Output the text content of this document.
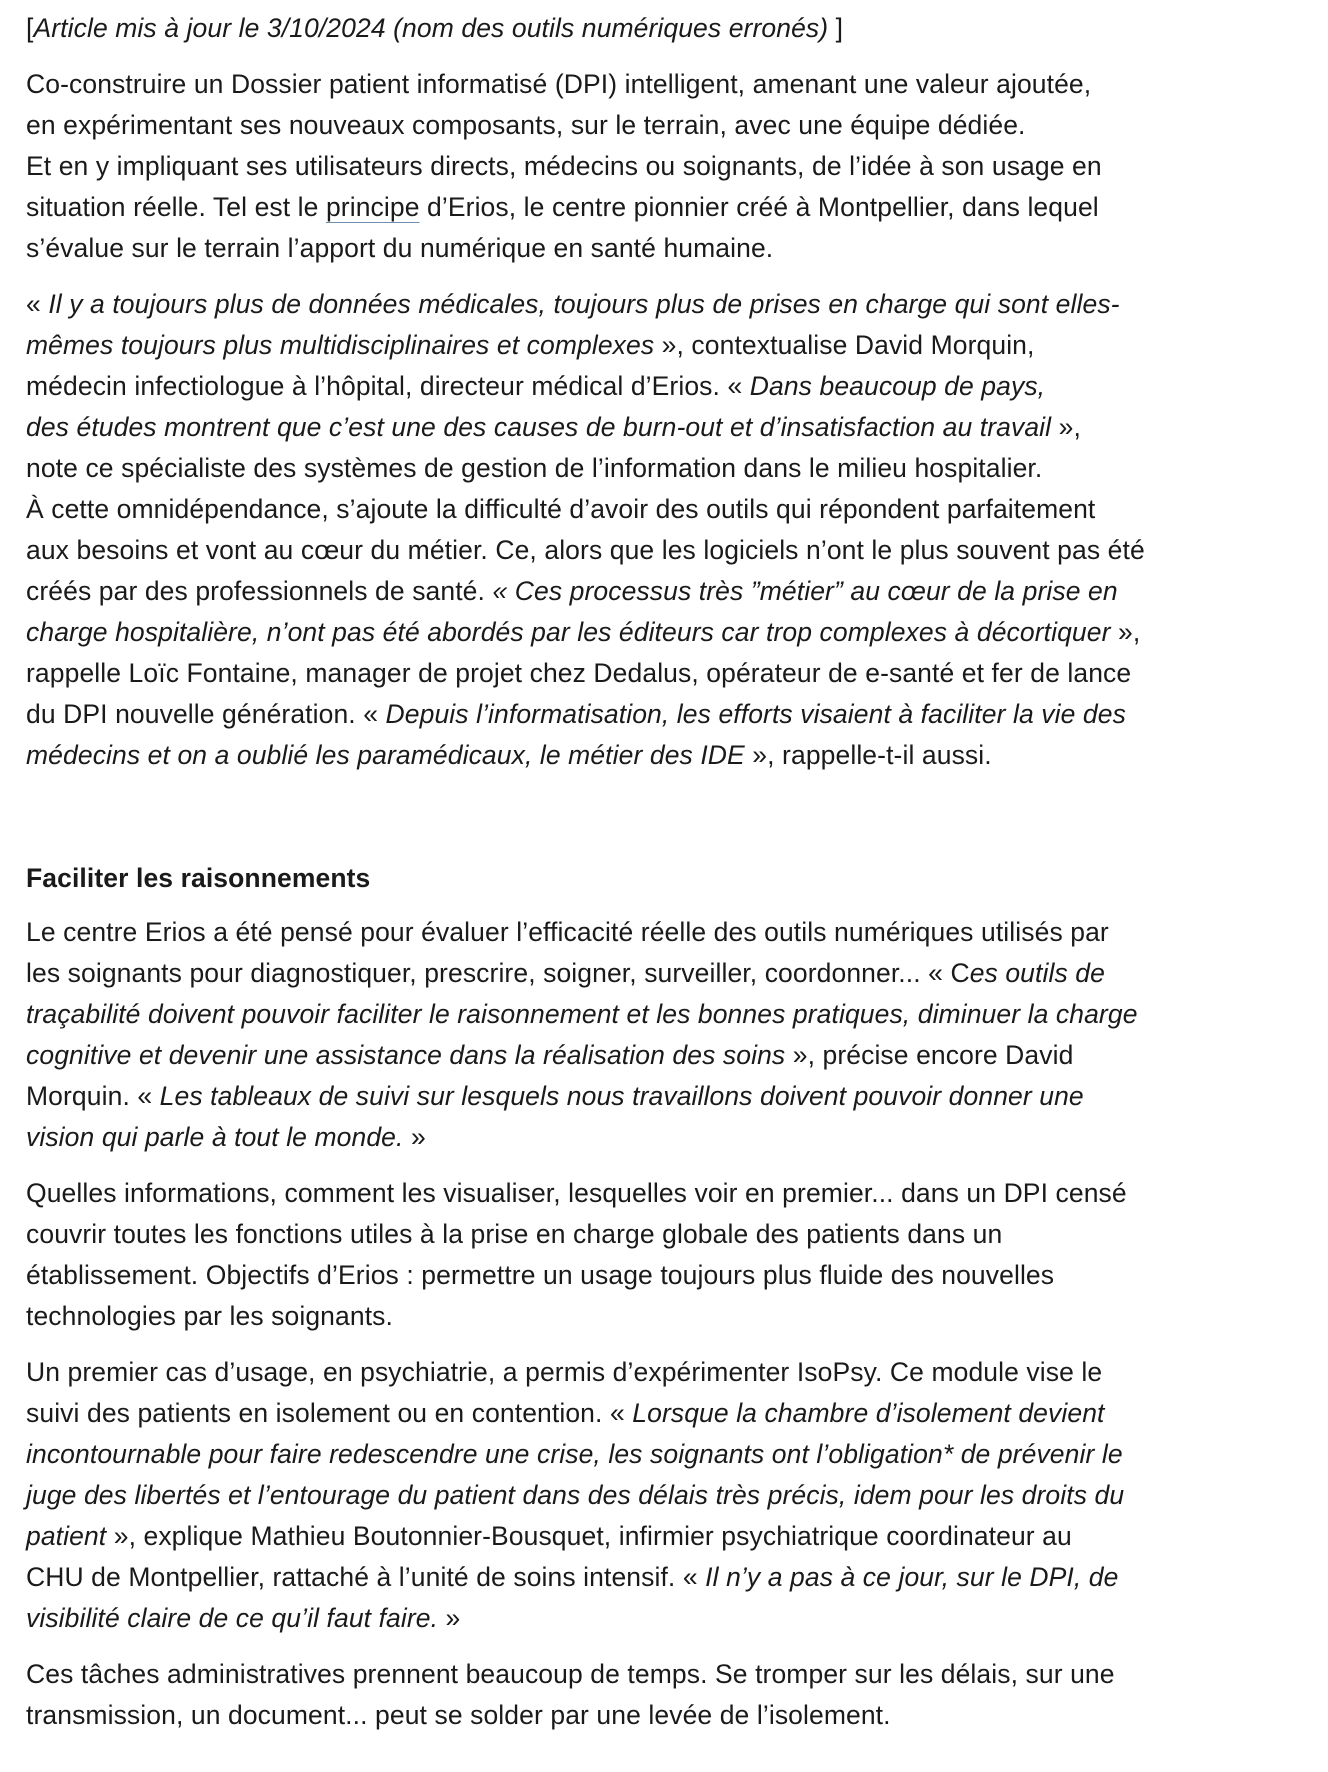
[Article mis à jour le 3/10/2024 (nom des outils numériques erronés) ]
Co-construire un Dossier patient informatisé (DPI) intelligent, amenant une valeur ajoutée,
en expérimentant ses nouveaux composants, sur le terrain, avec une équipe dédiée.
Et en y impliquant ses utilisateurs directs, médecins ou soignants, de l’idée à son usage en
situation réelle. Tel est le principe d’Erios, le centre pionnier créé à Montpellier, dans lequel
s’évalue sur le terrain l’apport du numérique en santé humaine.
« Il y a toujours plus de données médicales, toujours plus de prises en charge qui sont elles-
mêmes toujours plus multidisciplinaires et complexes », contextualise David Morquin,
médecin infectiologue à l’hôpital, directeur médical d’Erios. « Dans beaucoup de pays,
des études montrent que c’est une des causes de burn-out et d’insatisfaction au travail »,
note ce spécialiste des systèmes de gestion de l’information dans le milieu hospitalier.
À cette omnidépendance, s’ajoute la difficulté d’avoir des outils qui répondent parfaitement
aux besoins et vont au cœur du métier. Ce, alors que les logiciels n’ont le plus souvent pas été
créés par des professionnels de santé. « Ces processus très ”métier” au cœur de la prise en
charge hospitalière, n’ont pas été abordés par les éditeurs car trop complexes à décortiquer »,
rappelle Loïc Fontaine, manager de projet chez Dedalus, opérateur de e-santé et fer de lance
du DPI nouvelle génération. « Depuis l’informatisation, les efforts visaient à faciliter la vie des
médecins et on a oublié les paramédicaux, le métier des IDE », rappelle-t-il aussi.
Faciliter les raisonnements
Le centre Erios a été pensé pour évaluer l’efficacité réelle des outils numériques utilisés par
les soignants pour diagnostiquer, prescrire, soigner, surveiller, coordonner... « Ces outils de
traçabilité doivent pouvoir faciliter le raisonnement et les bonnes pratiques, diminuer la charge
cognitive et devenir une assistance dans la réalisation des soins », précise encore David
Morquin. « Les tableaux de suivi sur lesquels nous travaillons doivent pouvoir donner une
vision qui parle à tout le monde. »
Quelles informations, comment les visualiser, lesquelles voir en premier... dans un DPI censé
couvrir toutes les fonctions utiles à la prise en charge globale des patients dans un
établissement. Objectifs d’Erios : permettre un usage toujours plus fluide des nouvelles
technologies par les soignants.
Un premier cas d’usage, en psychiatrie, a permis d’expérimenter IsoPsy. Ce module vise le
suivi des patients en isolement ou en contention. « Lorsque la chambre d’isolement devient
incontournable pour faire redescendre une crise, les soignants ont l’obligation* de prévenir le
juge des libertés et l’entourage du patient dans des délais très précis, idem pour les droits du
patient », explique Mathieu Boutonnier-Bousquet, infirmier psychiatrique coordinateur au
CHU de Montpellier, rattaché à l’unité de soins intensif. « Il n’y a pas à ce jour, sur le DPI, de
visibilité claire de ce qu’il faut faire. »
Ces tâches administratives prennent beaucoup de temps. Se tromper sur les délais, sur une
transmission, un document... peut se solder par une levée de l’isolement.
